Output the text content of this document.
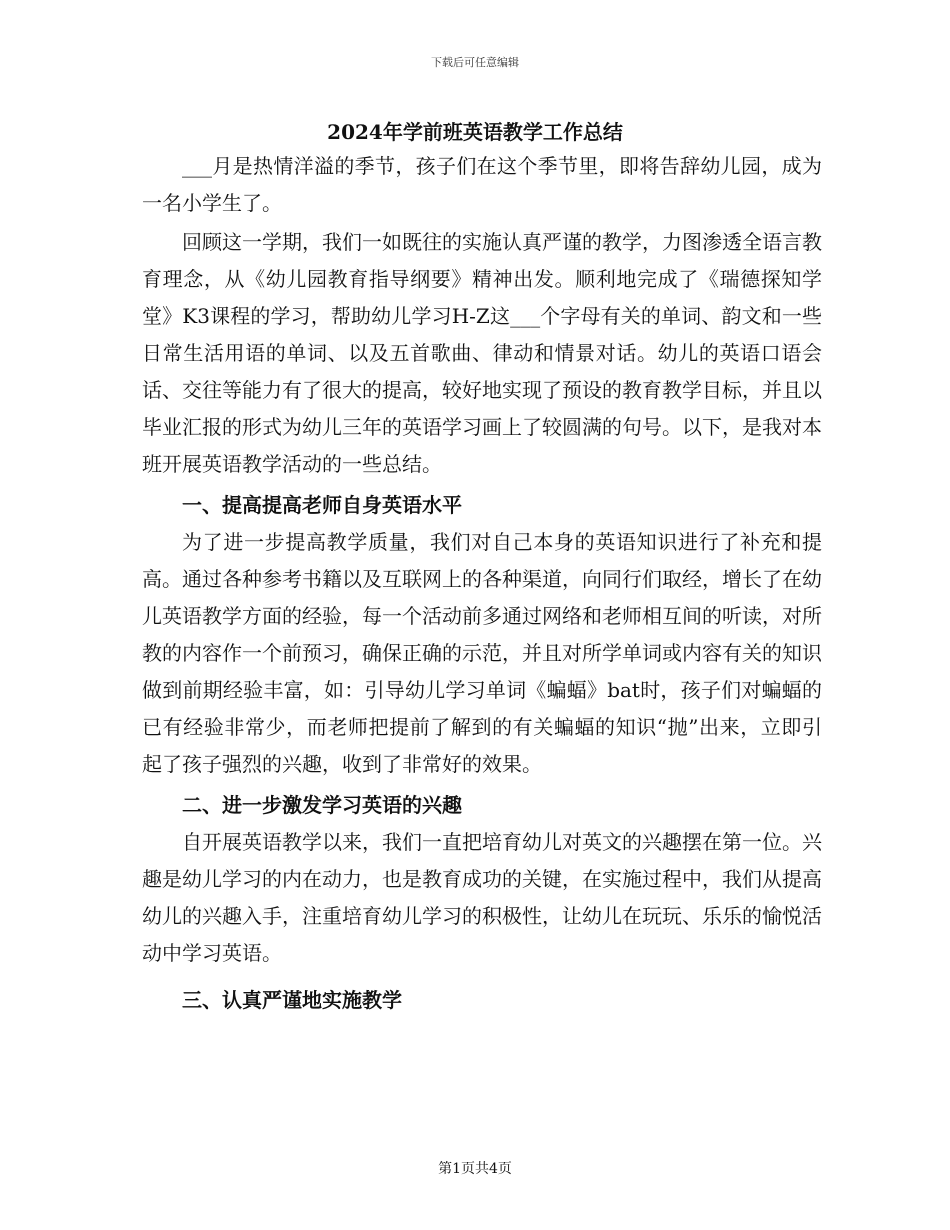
下载后可任意编辑
2024年学前班英语教学工作总结

___月是热情洋溢的季节，孩子们在这个季节里，即将告辞幼儿园，成为一名小学生了。

回顾这一学期，我们一如既往的实施认真严谨的教学，力图渗透全语言教育理念，从《幼儿园教育指导纲要》精神出发。顺利地完成了《瑞德探知学堂》K3课程的学习，帮助幼儿学习H-Z这___个字母有关的单词、韵文和一些日常生活用语的单词、以及五首歌曲、律动和情景对话。幼儿的英语口语会话、交往等能力有了很大的提高，较好地实现了预设的教育教学目标，并且以毕业汇报的形式为幼儿三年的英语学习画上了较圆满的句号。以下，是我对本班开展英语教学活动的一些总结。

一、提高提高老师自身英语水平

为了进一步提高教学质量，我们对自己本身的英语知识进行了补充和提高。通过各种参考书籍以及互联网上的各种渠道，向同行们取经，增长了在幼儿英语教学方面的经验，每一个活动前多通过网络和老师相互间的听读，对所教的内容作一个前预习，确保正确的示范，并且对所学单词或内容有关的知识做到前期经验丰富，如：引导幼儿学习单词《蝙蝠》bat时，孩子们对蝙蝠的已有经验非常少，而老师把提前了解到的有关蝙蝠的知识“抛”出来，立即引起了孩子强烈的兴趣，收到了非常好的效果。

二、进一步激发学习英语的兴趣

自开展英语教学以来，我们一直把培育幼儿对英文的兴趣摆在第一位。兴趣是幼儿学习的内在动力，也是教育成功的关键，在实施过程中，我们从提高幼儿的兴趣入手，注重培育幼儿学习的积极性，让幼儿在玩玩、乐乐的愉悦活动中学习英语。

三、认真严谨地实施教学

第1页共4页
